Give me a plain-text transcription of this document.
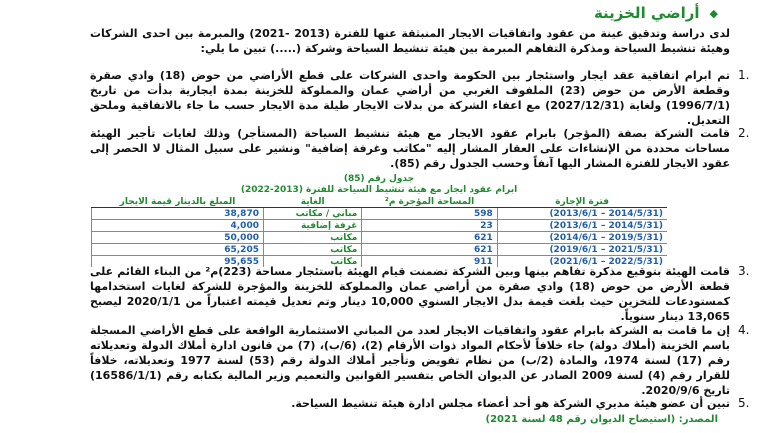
◆
أراضي الخزينة
لدى دراسة وتدقيق عينة من عقود واتفاقيات الايجار المنبثقة عنها للفترة (2013 -2021) والمبرمة بين احدى الشركات وهيئة تنشيط السياحة ومذكرة التفاهم المبرمة بين هيئة تنشيط السياحة وشركة (.....) تبين ما يلي:
1.
تم ابرام اتفاقية عقد ايجار واستئجار بين الحكومة واحدى الشركات على قطع الأراضي من حوض (18) وادي صقرة وقطعة الأرض من حوض (23) الملفوف الغربي من أراضي عمان والمملوكة للخزينة بمدة ايجارية بدأت من تاريخ (1996/7/1) ولغاية (2027/12/31) مع اعفاء الشركة من بدلات الايجار طيلة مدة الايجار حسب ما جاء بالاتفاقية وملحق التعديل.
2.
قامت الشركة بصفة (المؤجر) بابرام عقود الايجار مع هيئة تنشيط السياحة (المستأجر) وذلك لغايات تأجير الهيئة مساحات محددة من الإنشاءات على العقار المشار إليه "مكاتب وغرفة إضافية" ونشير على سبيل المثال لا الحصر إلى عقود الايجار للفترة المشار اليها آنفاً وحسب الجدول رقم (85).
جدول رقم (85)
ابرام عقود ايجار مع هيئة تنشيط السياحة للفترة (2013-2022)
فترة الإجارة	المساحة المؤجرة م²	الغاية	المبلغ بالدينار قيمة الايجار
(2013/6/1 – 2014/5/31)	598	مباني / مكاتب	38,870
(2013/6/1 – 2014/5/31)	23	غرفة إضافية	4,000
(2014/6/1 – 2019/5/31)	621	مكاتب	50,000
(2019/6/1 – 2021/5/31)	621	مكاتب	65,205
(2021/6/1 – 2022/5/31)	911	مكاتب	95,655
3.
قامت الهيئة بتوقيع مذكرة تفاهم بينها وبين الشركة تضمنت قيام الهيئة باستئجار مساحة (223)م² من البناء القائم على قطعة الأرض من حوض (18) وادي صقرة من أراضي عمان والمملوكة للخزينة والمؤجرة للشركة لغايات استخدامها كمستودعات للتخزين حيث بلغت قيمة بدل الايجار السنوي 10,000 دينار وتم تعديل قيمته اعتباراً من 2020/1/1 ليصبح 13,065 دينار سنوياً.
4.
إن ما قامت به الشركة بابرام عقود واتفاقيات الايجار لعدد من المباني الاستثمارية الواقعة على قطع الأراضي المسجلة باسم الخزينة (أملاك دولة) جاء خلافاً لأحكام المواد ذوات الأرقام (2)، (6/ب)، (7) من قانون ادارة أملاك الدولة وتعديلاته رقم (17) لسنة 1974، والمادة (2/ب) من نظام تفويض وتأجير أملاك الدولة رقم (53) لسنة 1977 وتعديلاته، خلافاً للقرار رقم (4) لسنة 2009 الصادر عن الديوان الخاص بتفسير القوانين والتعميم وزير المالية بكتابه رقم (16586/1/1) تاريخ 2020/9/6.
5.
تبين أن عضو هيئة مديري الشركة هو أحد أعضاء مجلس ادارة هيئة تنشيط السياحة.
المصدر: (استيضاح الديوان رقم 48 لسنة 2021)
